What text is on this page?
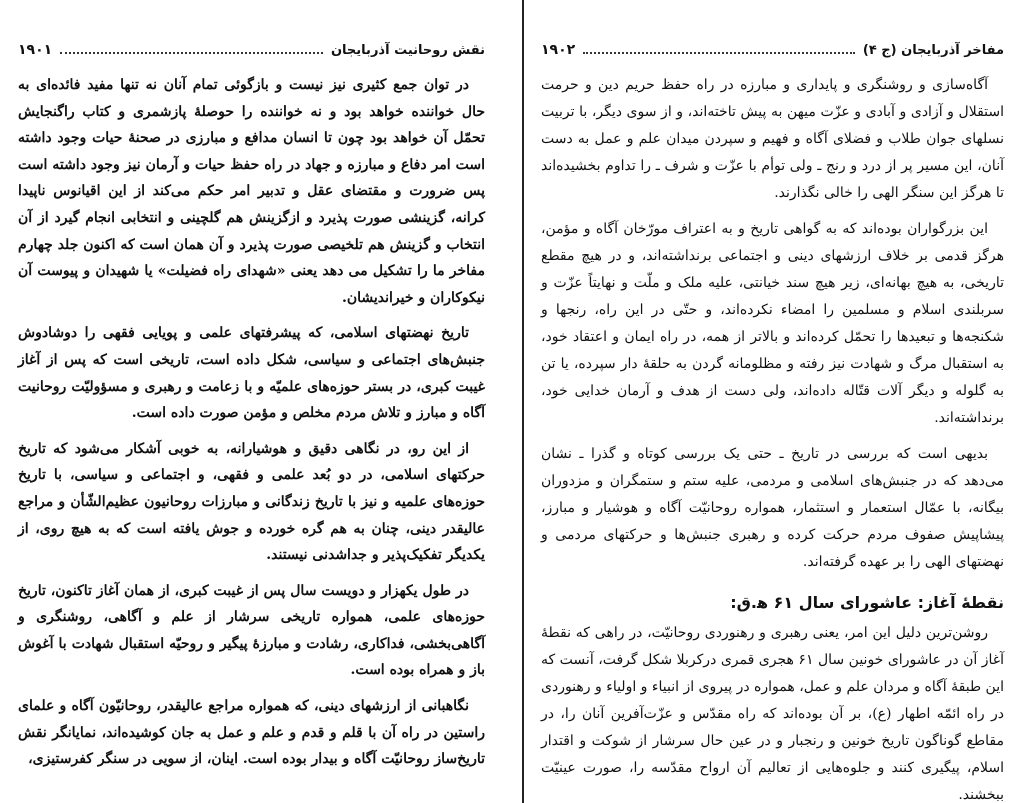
نقش روحانیت آذربایجان
۱۹۰۱

در توان جمع کثیری نیز نیست و بازگوئی تمام آنان نه تنها مفید فائده‌ای به حال خواننده خواهد بود و نه خواننده را حوصلهٔ پازشمری و کتاب راگنجایش تحمّل آن خواهد بود چون تا انسان مدافع و مبارزی در صحنهٔ حیات وجود داشته است امر دفاع و مبارزه و جهاد در راه حفظ حیات و آرمان نیز وجود داشته است پس ضرورت و مقتضای عقل و تدبیر امر حکم می‌کند از این اقیانوس ناپیدا کرانه، گزینشی صورت پذیرد و ازگزینش هم گلچینی و انتخابی انجام گیرد از آن انتخاب و گزینش هم تلخیصی صورت پذیرد و آن همان است که اکنون جلد چهارم مفاخر ما را تشکیل می دهد یعنی «شهدای راه فضیلت» یا شهیدان و پیوست آن نیکوکاران و خیراندیشان.

تاریخ نهضتهای اسلامی، که پیشرفتهای علمی و پویایی فقهی را دوشادوش جنبش‌های اجتماعی و سیاسی، شکل داده است، تاریخی است که پس از آغاز غیبت کبری، در بستر حوزه‌های علمیّه و با زعامت و رهبری و مسؤولیّت روحانیت آگاه و مبارز و تلاش مردم مخلص و مؤمن صورت داده است.

از این رو، در نگاهی دقیق و هوشیارانه، به خوبی آشکار می‌شود که تاریخ حرکتهای اسلامی، در دو بُعد علمی و فقهی، و اجتماعی و سیاسی، با تاریخ حوزه‌های علمیه و نیز با تاریخ زندگانی و مبارزات روحانیون عظیم‌الشّأن و مراجع عالیقدر دینی، چنان به هم گره خورده و جوش یافته است که به هیچ روی، از یکدیگر تفکیک‌پذیر و جداشدنی نیستند.

در طول یکهزار و دویست سال پس از غیبت کبری، از همان آغاز تاکنون، تاریخ حوزه‌های علمی، همواره تاریخی سرشار از علم و آگاهی، روشنگری و آگاهی‌بخشی، فداکاری، رشادت و مبارزهٔ پیگیر و روحیّه استقبال شهادت با آغوش باز و همراه بوده است.

نگاهبانی از ارزشهای دینی، که همواره مراجع عالیقدر، روحانیّون آگاه و علمای راستین در راه آن با قلم و قدم و علم و عمل به جان کوشیده‌اند، نمایانگر نقش تاریخ‌ساز روحانیّت آگاه و بیدار بوده است. اینان، از سویی در سنگر کفرستیزی،

مفاخر آذربایجان (ج ۴)
۱۹۰۲

آگاه‌سازی و روشنگری و پایداری و مبارزه در راه حفظ حریم دین و حرمت استقلال و آزادی و آبادی و عزّت میهن به پیش تاخته‌اند، و از سوی دیگر، با تربیت نسلهای جوان طلاب و فضلای آگاه و فهیم و سپردن میدان علم و عمل به دست آنان، این مسیر پر از درد و رنج ـ ولی توأم با عزّت و شرف ـ را تداوم بخشیده‌اند تا هرگز این سنگر الهی را خالی نگذارند.

این بزرگواران بوده‌اند که به گواهی تاریخ و به اعتراف مورّخان آگاه و مؤمن، هرگز قدمی بر خلاف ارزشهای دینی و اجتماعی برنداشته‌اند، و در هیچ مقطع تاریخی، به هیچ بهانه‌ای، زیر هیچ سند خیانتی، علیه ملک و ملّت و نهایتاً عزّت و سربلندی اسلام و مسلمین را امضاء نکرده‌اند، و حتّی در این راه، رنجها و شکنجه‌ها و تبعیدها را تحمّل کرده‌اند و بالاتر از همه، در راه ایمان و اعتقاد خود، به استقبال مرگ و شهادت نیز رفته و مظلومانه گردن به حلقهٔ دار سپرده، یا تن به گلوله و دیگر آلات قتّاله داده‌اند، ولی دست از هدف و آرمان خدایی خود، برنداشته‌اند.

بدیهی است که بررسی در تاریخ ـ حتی یک بررسی کوتاه و گذرا ـ نشان می‌دهد که در جنبش‌های اسلامی و مردمی، علیه ستم و ستمگران و مزدوران بیگانه، با عمّال استعمار و استثمار، همواره روحانیّت آگاه و هوشیار و مبارز، پیشاپیش صفوف مردم حرکت کرده و رهبری جنبش‌ها و حرکتهای مردمی و نهضتهای الهی را بر عهده گرفته‌اند.

نقطهٔ آغاز: عاشورای سال ۶۱ ه‍.ق:

روشن‌ترین دلیل این امر، یعنی رهبری و رهنوردی روحانیّت، در راهی که نقطهٔ آغاز آن در عاشورای خونین سال ۶۱ هجری قمری درکربلا شکل گرفت، آنست که این طبقهٔ آگاه و مردان علم و عمل، همواره در پیروی از انبیاء و اولیاء و رهنوردی در راه ائمّه اطهار (ع)، بر آن بوده‌اند که راه مقدّس و عزّت‌آفرین آنان را، در مقاطع گوناگون تاریخ خونین و رنجبار و در عین حال سرشار از شوکت و اقتدار اسلام، پیگیری کنند و جلوه‌هایی از تعالیم آن ارواح مقدّسه را، صورت عینیّت ببخشند.
